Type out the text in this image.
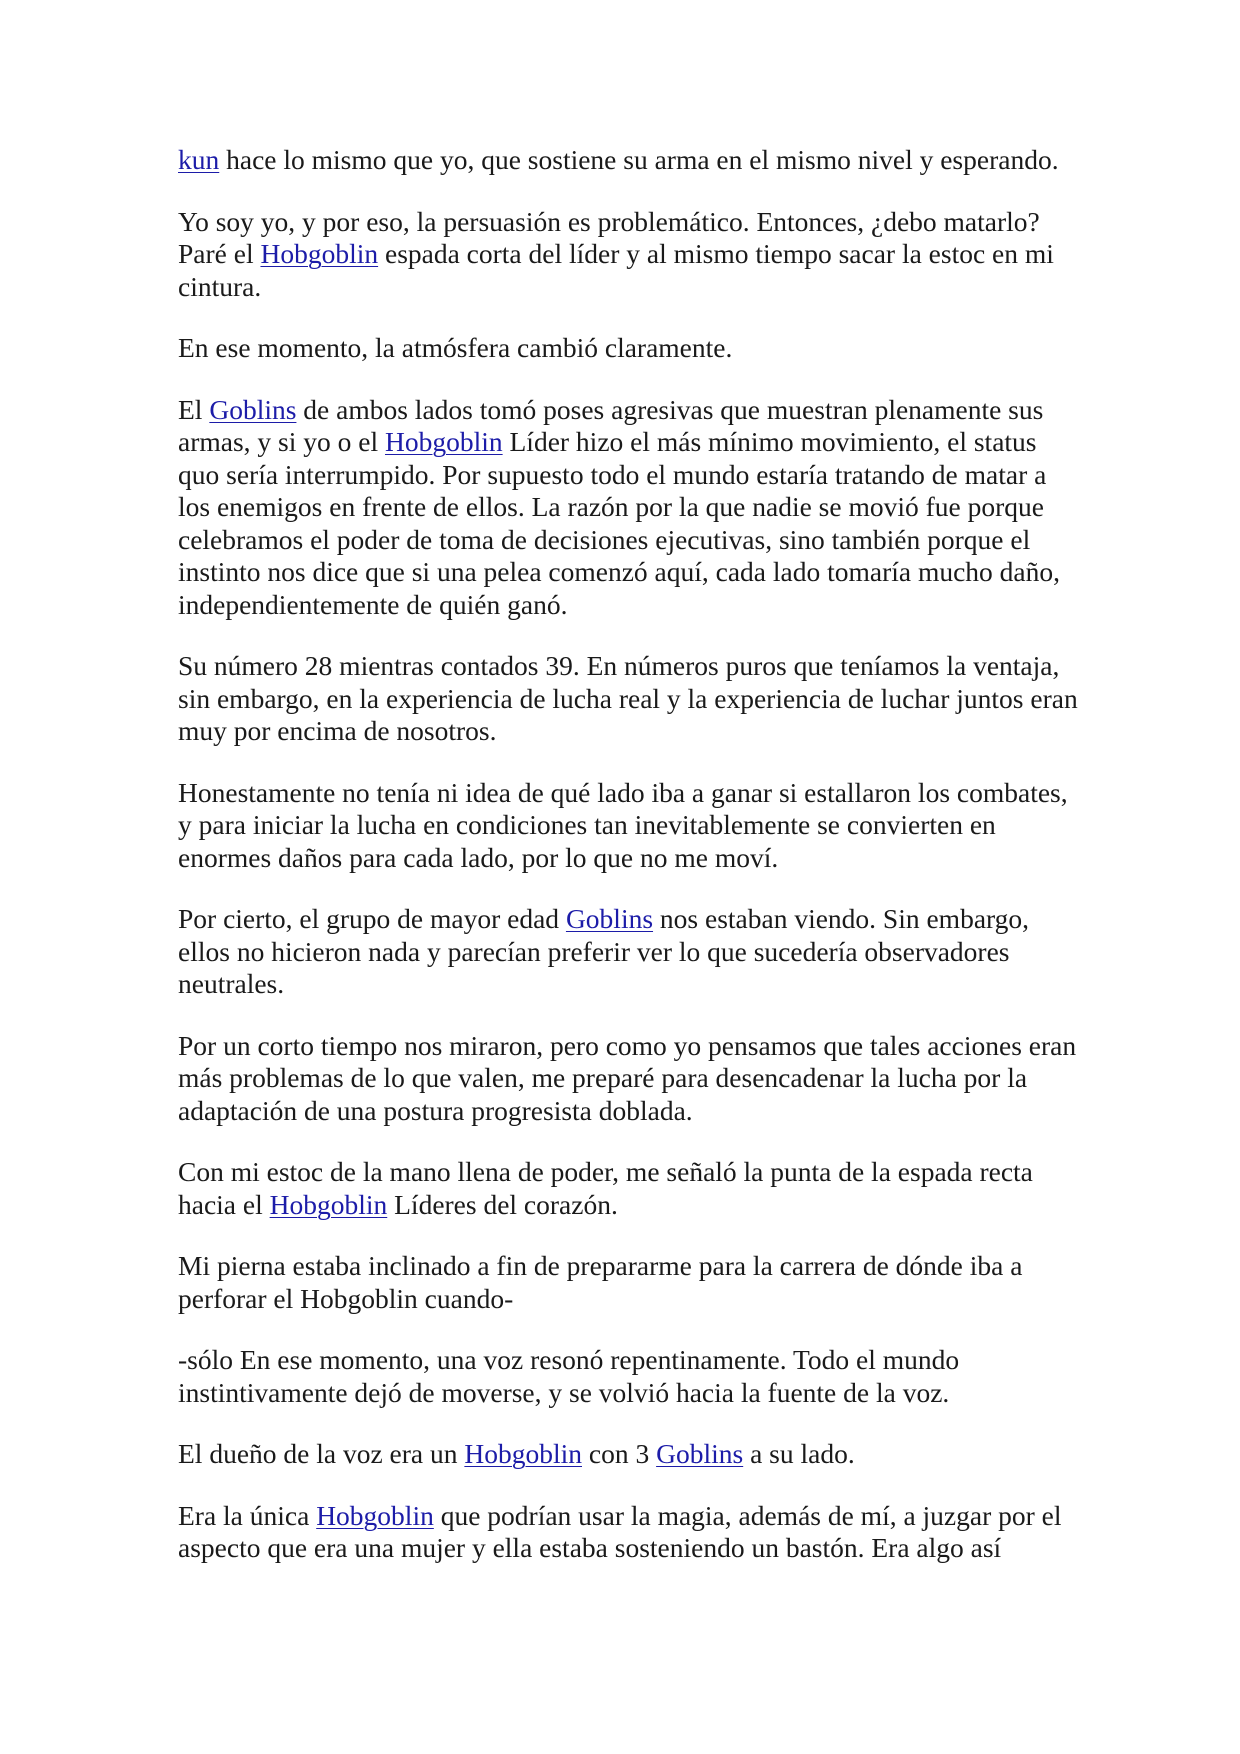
kun hace lo mismo que yo, que sostiene su arma en el mismo nivel y esperando.

Yo soy yo, y por eso, la persuasión es problemático. Entonces, ¿debo matarlo? Paré el Hobgoblin espada corta del líder y al mismo tiempo sacar la estoc en mi cintura.

En ese momento, la atmósfera cambió claramente.

El Goblins de ambos lados tomó poses agresivas que muestran plenamente sus armas, y si yo o el Hobgoblin Líder hizo el más mínimo movimiento, el status quo sería interrumpido. Por supuesto todo el mundo estaría tratando de matar a los enemigos en frente de ellos. La razón por la que nadie se movió fue porque celebramos el poder de toma de decisiones ejecutivas, sino también porque el instinto nos dice que si una pelea comenzó aquí, cada lado tomaría mucho daño, independientemente de quién ganó.

Su número 28 mientras contados 39. En números puros que teníamos la ventaja, sin embargo, en la experiencia de lucha real y la experiencia de luchar juntos eran muy por encima de nosotros.

Honestamente no tenía ni idea de qué lado iba a ganar si estallaron los combates, y para iniciar la lucha en condiciones tan inevitablemente se convierten en enormes daños para cada lado, por lo que no me moví.

Por cierto, el grupo de mayor edad Goblins nos estaban viendo. Sin embargo, ellos no hicieron nada y parecían preferir ver lo que sucedería observadores neutrales.

Por un corto tiempo nos miraron, pero como yo pensamos que tales acciones eran más problemas de lo que valen, me preparé para desencadenar la lucha por la adaptación de una postura progresista doblada.

Con mi estoc de la mano llena de poder, me señaló la punta de la espada recta hacia el Hobgoblin Líderes del corazón.

Mi pierna estaba inclinado a fin de prepararme para la carrera de dónde iba a perforar el Hobgoblin cuando-

-sólo En ese momento, una voz resonó repentinamente. Todo el mundo instintivamente dejó de moverse, y se volvió hacia la fuente de la voz.

El dueño de la voz era un Hobgoblin con 3 Goblins a su lado.

Era la única Hobgoblin que podrían usar la magia, además de mí, a juzgar por el aspecto que era una mujer y ella estaba sosteniendo un bastón. Era algo así
